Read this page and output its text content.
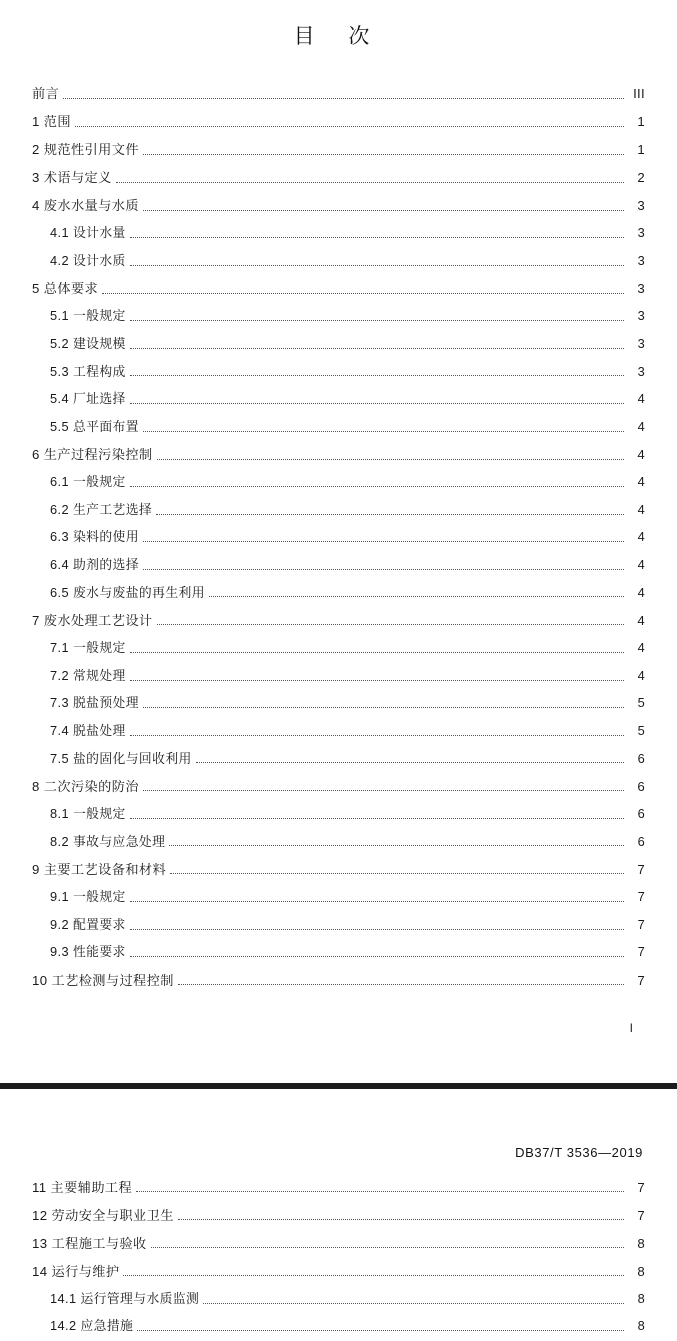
目 次
前言	III
1 范围	1
2 规范性引用文件	1
3 术语与定义	2
4 废水水量与水质	3
4.1 设计水量	3
4.2 设计水质	3
5 总体要求	3
5.1 一般规定	3
5.2 建设规模	3
5.3 工程构成	3
5.4 厂址选择	4
5.5 总平面布置	4
6 生产过程污染控制	4
6.1 一般规定	4
6.2 生产工艺选择	4
6.3 染料的使用	4
6.4 助剂的选择	4
6.5 废水与废盐的再生利用	4
7 废水处理工艺设计	4
7.1 一般规定	4
7.2 常规处理	4
7.3 脱盐预处理	5
7.4 脱盐处理	5
7.5 盐的固化与回收利用	6
8 二次污染的防治	6
8.1 一般规定	6
8.2 事故与应急处理	6
9 主要工艺设备和材料	7
9.1 一般规定	7
9.2 配置要求	7
9.3 性能要求	7
10 工艺检测与过程控制	7
I
DB37/T 3536—2019
11 主要辅助工程	7
12 劳动安全与职业卫生	7
13 工程施工与验收	8
14 运行与维护	8
14.1 运行管理与水质监测	8
14.2 应急措施	8
